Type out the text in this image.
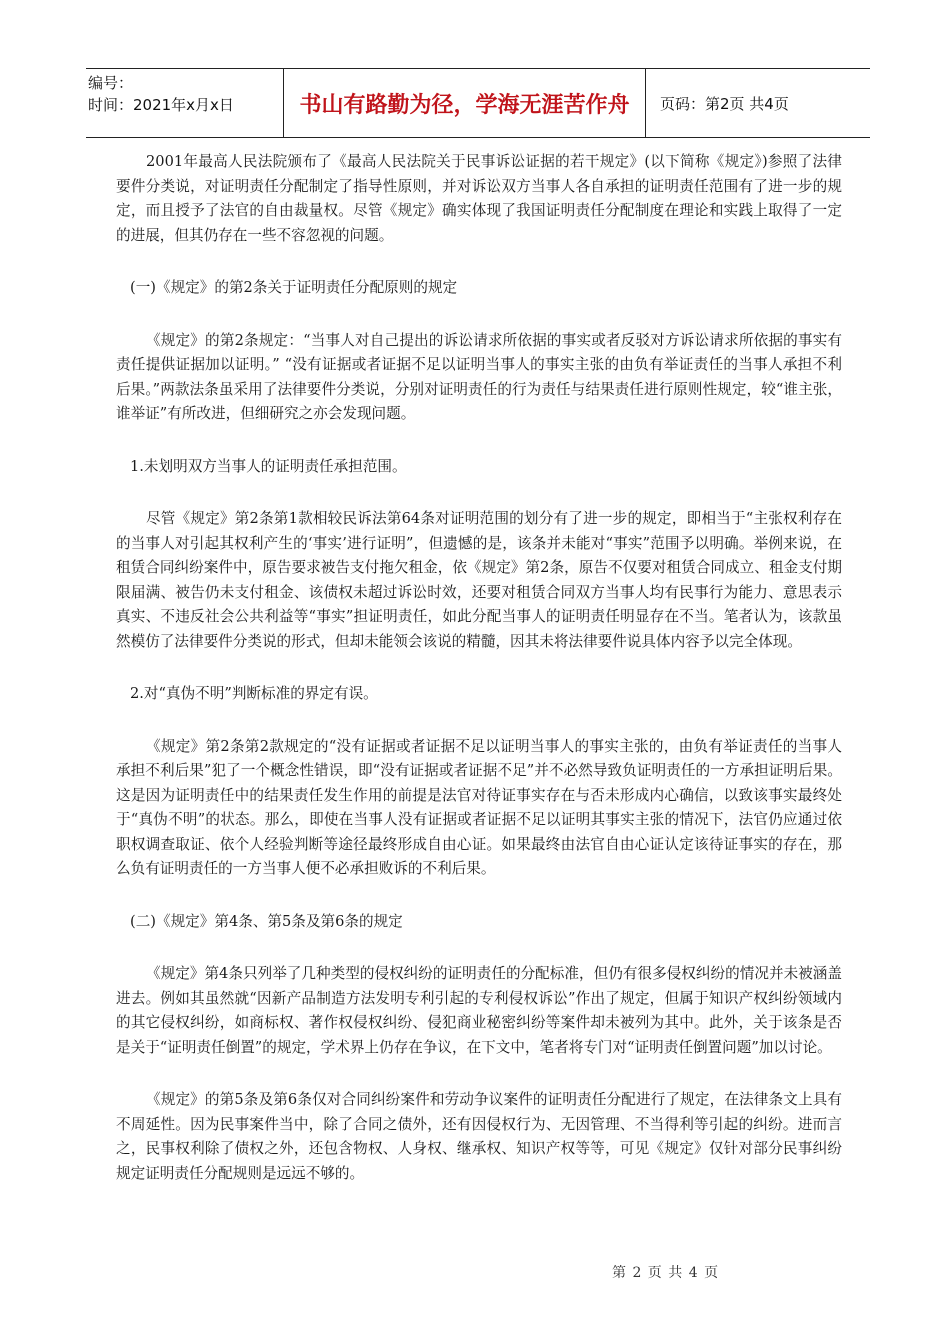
编号：
时间：2021年x月x日	书山有路勤为径，学海无涯苦作舟	页码：第2页 共4页

2001年最高人民法院颁布了《最高人民法院关于民事诉讼证据的若干规定》(以下简称《规定》)参照了法律要件分类说，对证明责任分配制定了指导性原则，并对诉讼双方当事人各自承担的证明责任范围有了进一步的规定，而且授予了法官的自由裁量权。尽管《规定》确实体现了我国证明责任分配制度在理论和实践上取得了一定的进展，但其仍存在一些不容忽视的问题。

(一)《规定》的第2条关于证明责任分配原则的规定

《规定》的第2条规定：“当事人对自己提出的诉讼请求所依据的事实或者反驳对方诉讼请求所依据的事实有责任提供证据加以证明。” “没有证据或者证据不足以证明当事人的事实主张的由负有举证责任的当事人承担不利后果。”两款法条虽采用了法律要件分类说，分别对证明责任的行为责任与结果责任进行原则性规定，较“谁主张，谁举证”有所改进，但细研究之亦会发现问题。

1.未划明双方当事人的证明责任承担范围。

尽管《规定》第2条第1款相较民诉法第64条对证明范围的划分有了进一步的规定，即相当于“主张权利存在的当事人对引起其权利产生的‘事实’进行证明”，但遗憾的是，该条并未能对“事实”范围予以明确。举例来说，在租赁合同纠纷案件中，原告要求被告支付拖欠租金，依《规定》第2条，原告不仅要对租赁合同成立、租金支付期限届满、被告仍未支付租金、该债权未超过诉讼时效，还要对租赁合同双方当事人均有民事行为能力、意思表示真实、不违反社会公共利益等“事实”担证明责任，如此分配当事人的证明责任明显存在不当。笔者认为，该款虽然模仿了法律要件分类说的形式，但却未能领会该说的精髓，因其未将法律要件说具体内容予以完全体现。

2.对“真伪不明”判断标准的界定有误。

《规定》第2条第2款规定的“没有证据或者证据不足以证明当事人的事实主张的，由负有举证责任的当事人承担不利后果”犯了一个概念性错误，即“没有证据或者证据不足”并不必然导致负证明责任的一方承担证明后果。这是因为证明责任中的结果责任发生作用的前提是法官对待证事实存在与否未形成内心确信，以致该事实最终处于“真伪不明”的状态。那么，即使在当事人没有证据或者证据不足以证明其事实主张的情况下，法官仍应通过依职权调查取证、依个人经验判断等途径最终形成自由心证。如果最终由法官自由心证认定该待证事实的存在，那么负有证明责任的一方当事人便不必承担败诉的不利后果。

(二)《规定》第4条、第5条及第6条的规定

《规定》第4条只列举了几种类型的侵权纠纷的证明责任的分配标准，但仍有很多侵权纠纷的情况并未被涵盖进去。例如其虽然就“因新产品制造方法发明专利引起的专利侵权诉讼”作出了规定，但属于知识产权纠纷领域内的其它侵权纠纷，如商标权、著作权侵权纠纷、侵犯商业秘密纠纷等案件却未被列为其中。此外，关于该条是否是关于“证明责任倒置”的规定，学术界上仍存在争议，在下文中，笔者将专门对“证明责任倒置问题”加以讨论。

《规定》的第5条及第6条仅对合同纠纷案件和劳动争议案件的证明责任分配进行了规定，在法律条文上具有不周延性。因为民事案件当中，除了合同之债外，还有因侵权行为、无因管理、不当得利等引起的纠纷。进而言之，民事权利除了债权之外，还包含物权、人身权、继承权、知识产权等等，可见《规定》仅针对部分民事纠纷规定证明责任分配规则是远远不够的。

第 2 页 共 4 页
